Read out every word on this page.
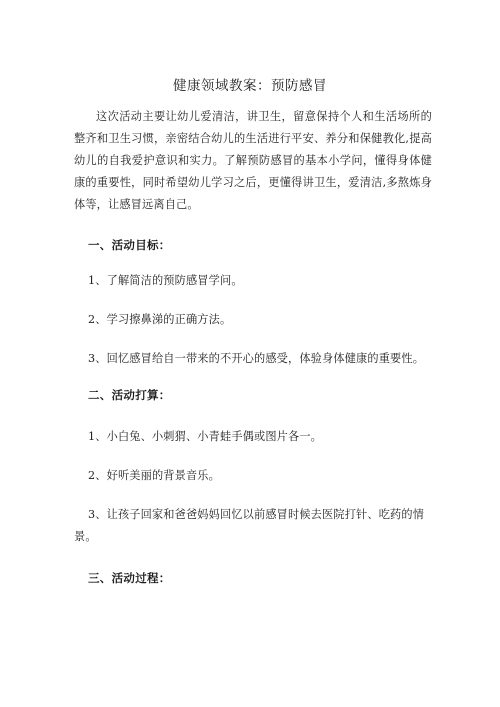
健康领域教案：预防感冒
这次活动主要让幼儿爱清洁，讲卫生，留意保持个人和生活场所的整齐和卫生习惯，亲密结合幼儿的生活进行平安、养分和保健教化,提高幼儿的自我爱护意识和实力。了解预防感冒的基本小学问，懂得身体健康的重要性，同时希望幼儿学习之后，更懂得讲卫生，爱清洁,多熬炼身体等，让感冒远离自己。
一、活动目标：
1、了解简洁的预防感冒学问。
2、学习擦鼻涕的正确方法。
3、回忆感冒给自一带来的不开心的感受，体验身体健康的重要性。
二、活动打算：
1、小白兔、小刺猬、小青蛙手偶或图片各一。
2、好听美丽的背景音乐。
3、让孩子回家和爸爸妈妈回忆以前感冒时候去医院打针、吃药的情景。
三、活动过程：
